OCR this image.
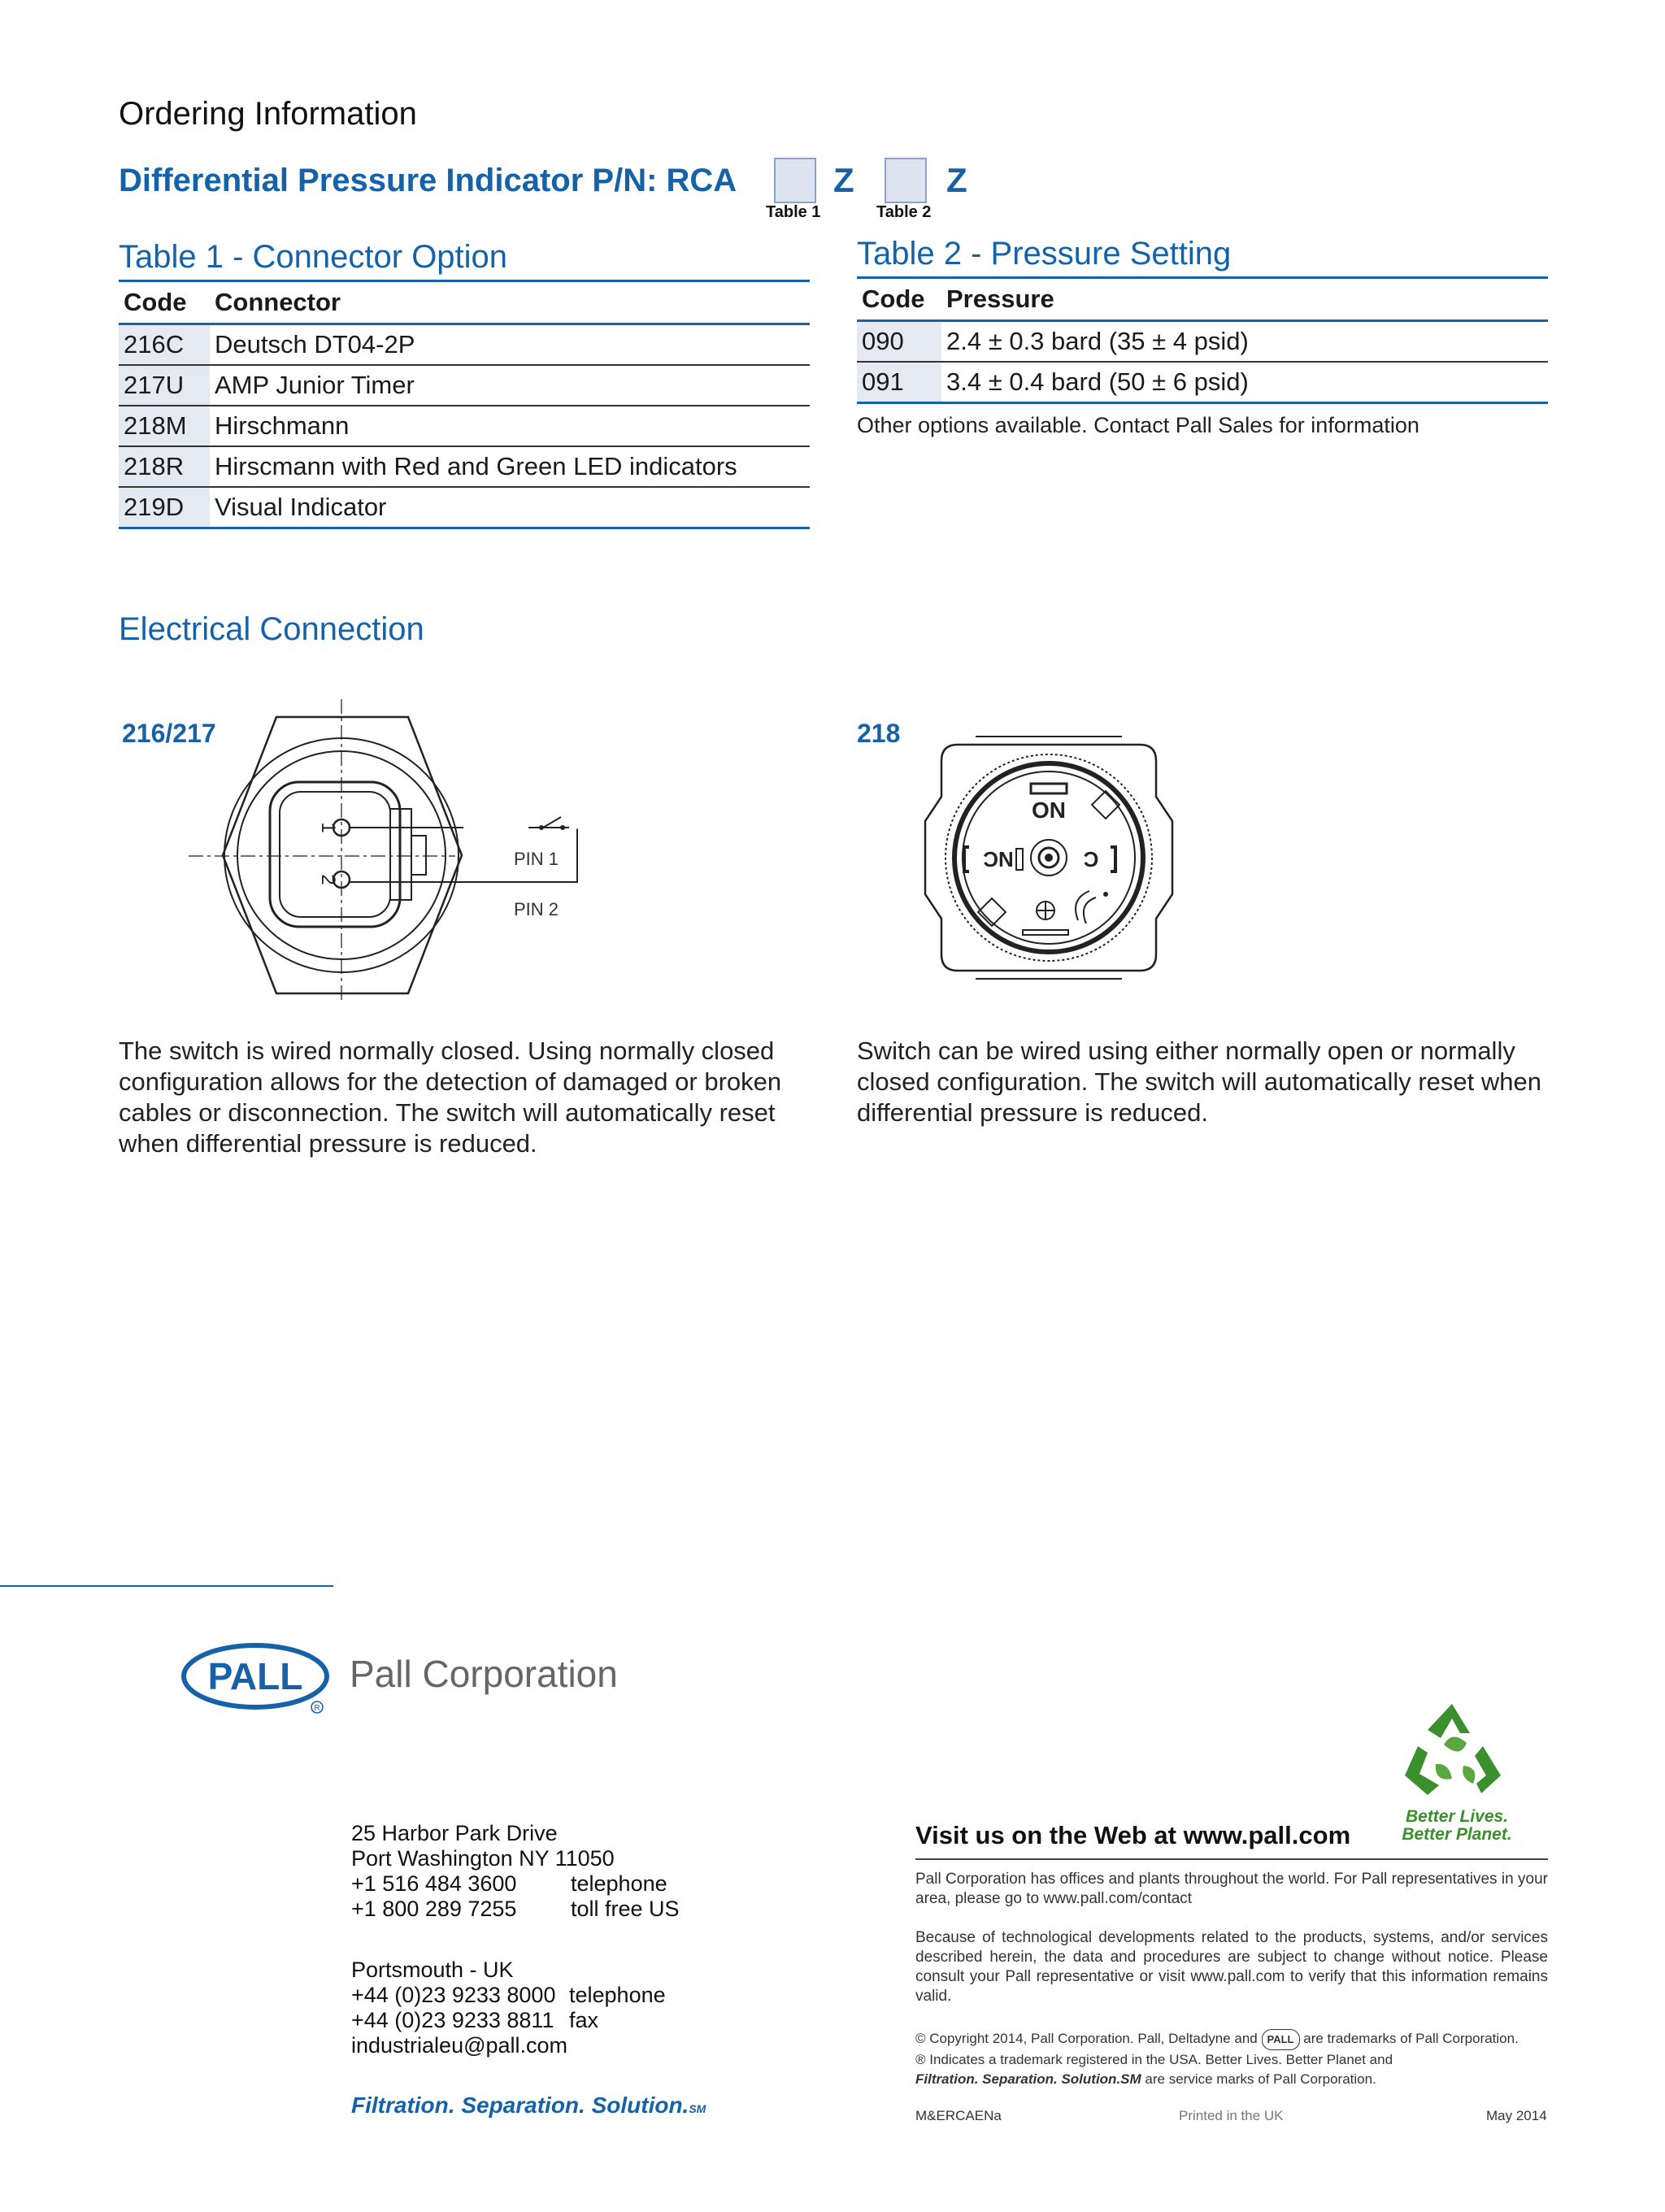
Ordering Information
Differential Pressure Indicator P/N: RCA
Table 1
Z
Table 2
Z
Table 1 - Connector Option
Code	Connector
216C	Deutsch DT04-2P
217U	AMP Junior Timer
218M	Hirschmann
218R	Hirscmann with Red and Green LED indicators
219D	Visual Indicator
Table 2 - Pressure Setting
Code	Pressure
090	2.4 ± 0.3 bard (35 ± 4 psid)
091	3.4 ± 0.4 bard (50 ± 6 psid)
Other options available. Contact Pall Sales for information
Electrical Connection
216/217
1
2
PIN 1
PIN 2
218
ON
NC	C

The switch is wired normally closed. Using normally closed configuration allows for the detection of damaged or broken cables or disconnection. The switch will automatically reset when differential pressure is reduced.

Switch can be wired using either normally open or normally closed configuration. The switch will automatically reset when differential pressure is reduced.

PALL
R
Pall Corporation
25 Harbor Park Drive
Port Washington NY 11050
+1 516 484 3600 telephone
+1 800 289 7255 toll free US
Portsmouth - UK
+44 (0)23 9233 8000 telephone
+44 (0)23 9233 8811 fax
industrialeu@pall.com
Filtration. Separation. Solution.SM
Better Lives.
Better Planet.
Visit us on the Web at www.pall.com

Pall Corporation has offices and plants throughout the world. For Pall representatives in your area, please go to www.pall.com/contact

Because of technological developments related to the products, systems, and/or services described herein, the data and procedures are subject to change without notice. Please consult your Pall representative or visit www.pall.com to verify that this information remains valid.

© Copyright 2014, Pall Corporation. Pall, Deltadyne and PALL are trademarks of Pall Corporation.
® Indicates a trademark registered in the USA. Better Lives. Better Planet and
Filtration. Separation. Solution.SM are service marks of Pall Corporation.

M&ERCAENa	Printed in the UK	May 2014
